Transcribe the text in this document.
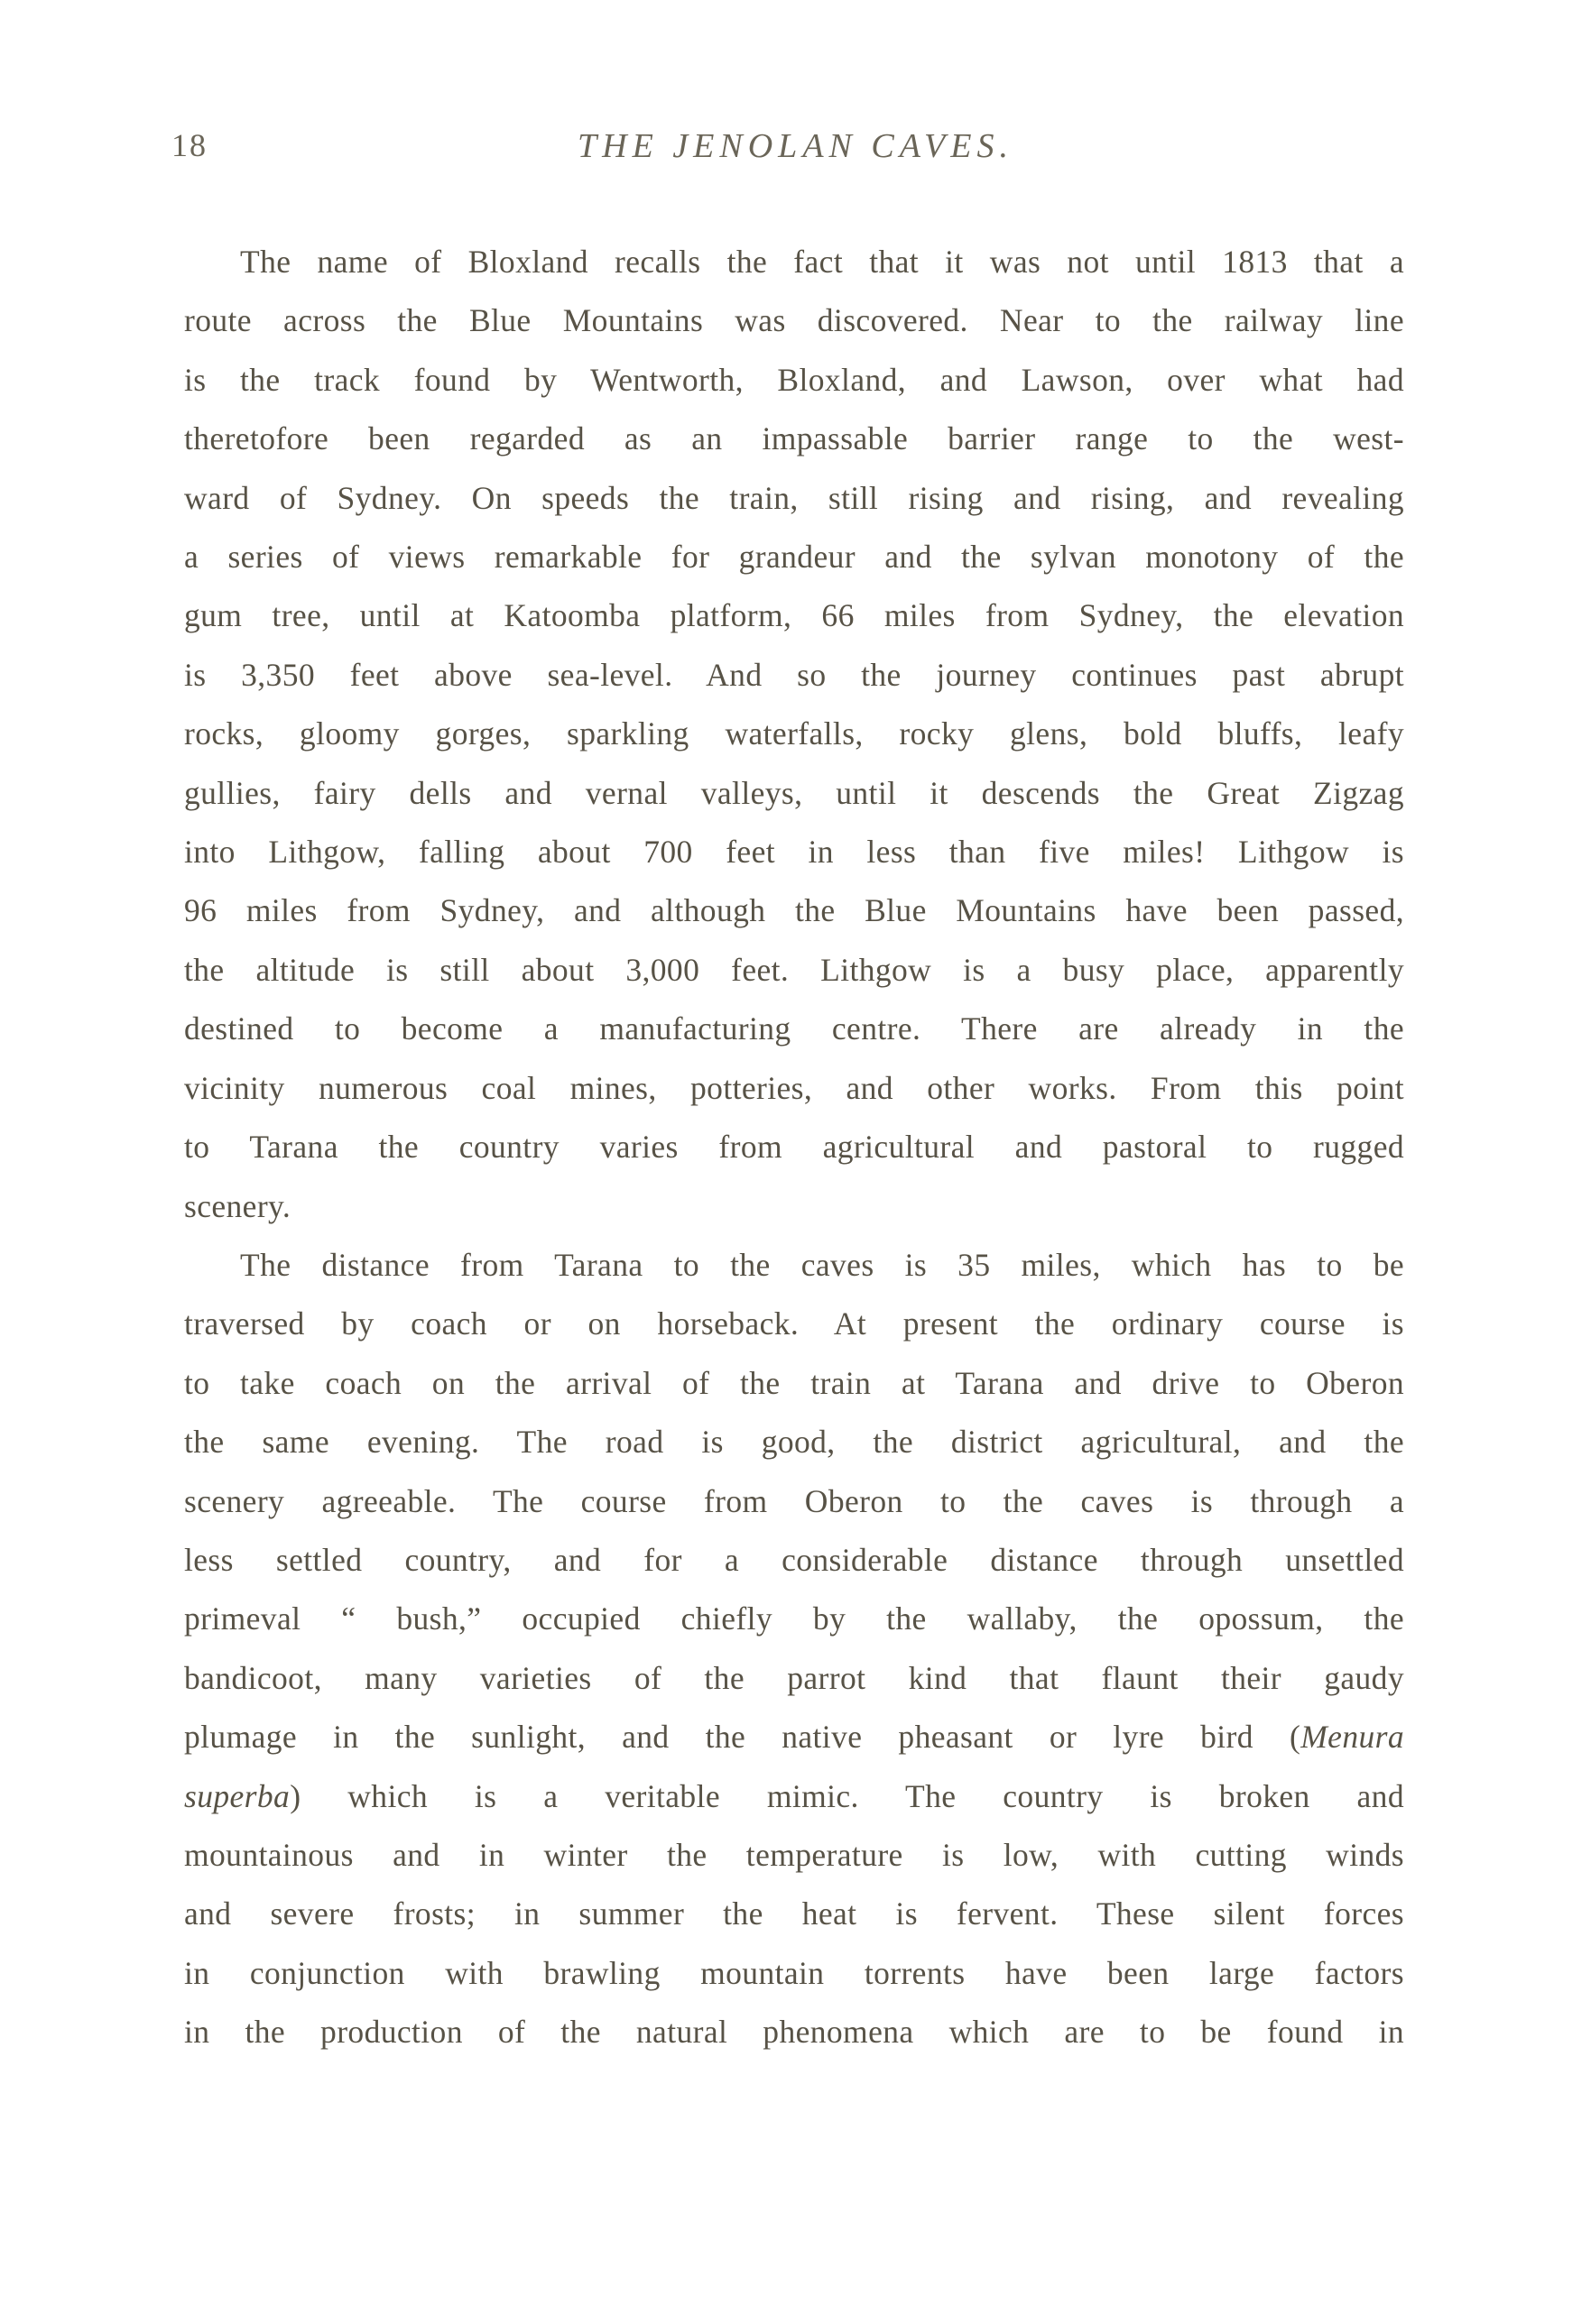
18	THE JENOLAN CAVES.

The name of Bloxland recalls the fact that it was not until 1813 that a
route across the Blue Mountains was discovered. Near to the railway line
is the track found by Wentworth, Bloxland, and Lawson, over what had
theretofore been regarded as an impassable barrier range to the west-
ward of Sydney. On speeds the train, still rising and rising, and revealing
a series of views remarkable for grandeur and the sylvan monotony of the
gum tree, until at Katoomba platform, 66 miles from Sydney, the elevation
is 3,350 feet above sea-level. And so the journey continues past abrupt
rocks, gloomy gorges, sparkling waterfalls, rocky glens, bold bluffs, leafy
gullies, fairy dells and vernal valleys, until it descends the Great Zigzag
into Lithgow, falling about 700 feet in less than five miles! Lithgow is
96 miles from Sydney, and although the Blue Mountains have been passed,
the altitude is still about 3,000 feet. Lithgow is a busy place, apparently
destined to become a manufacturing centre. There are already in the
vicinity numerous coal mines, potteries, and other works. From this point
to Tarana the country varies from agricultural and pastoral to rugged
scenery.

The distance from Tarana to the caves is 35 miles, which has to be
traversed by coach or on horseback. At present the ordinary course is
to take coach on the arrival of the train at Tarana and drive to Oberon
the same evening. The road is good, the district agricultural, and the
scenery agreeable. The course from Oberon to the caves is through a
less settled country, and for a considerable distance through unsettled
primeval “ bush,” occupied chiefly by the wallaby, the opossum, the
bandicoot, many varieties of the parrot kind that flaunt their gaudy
plumage in the sunlight, and the native pheasant or lyre bird (Menura
superba) which is a veritable mimic. The country is broken and
mountainous and in winter the temperature is low, with cutting winds
and severe frosts; in summer the heat is fervent. These silent forces
in conjunction with brawling mountain torrents have been large factors
in the production of the natural phenomena which are to be found in
